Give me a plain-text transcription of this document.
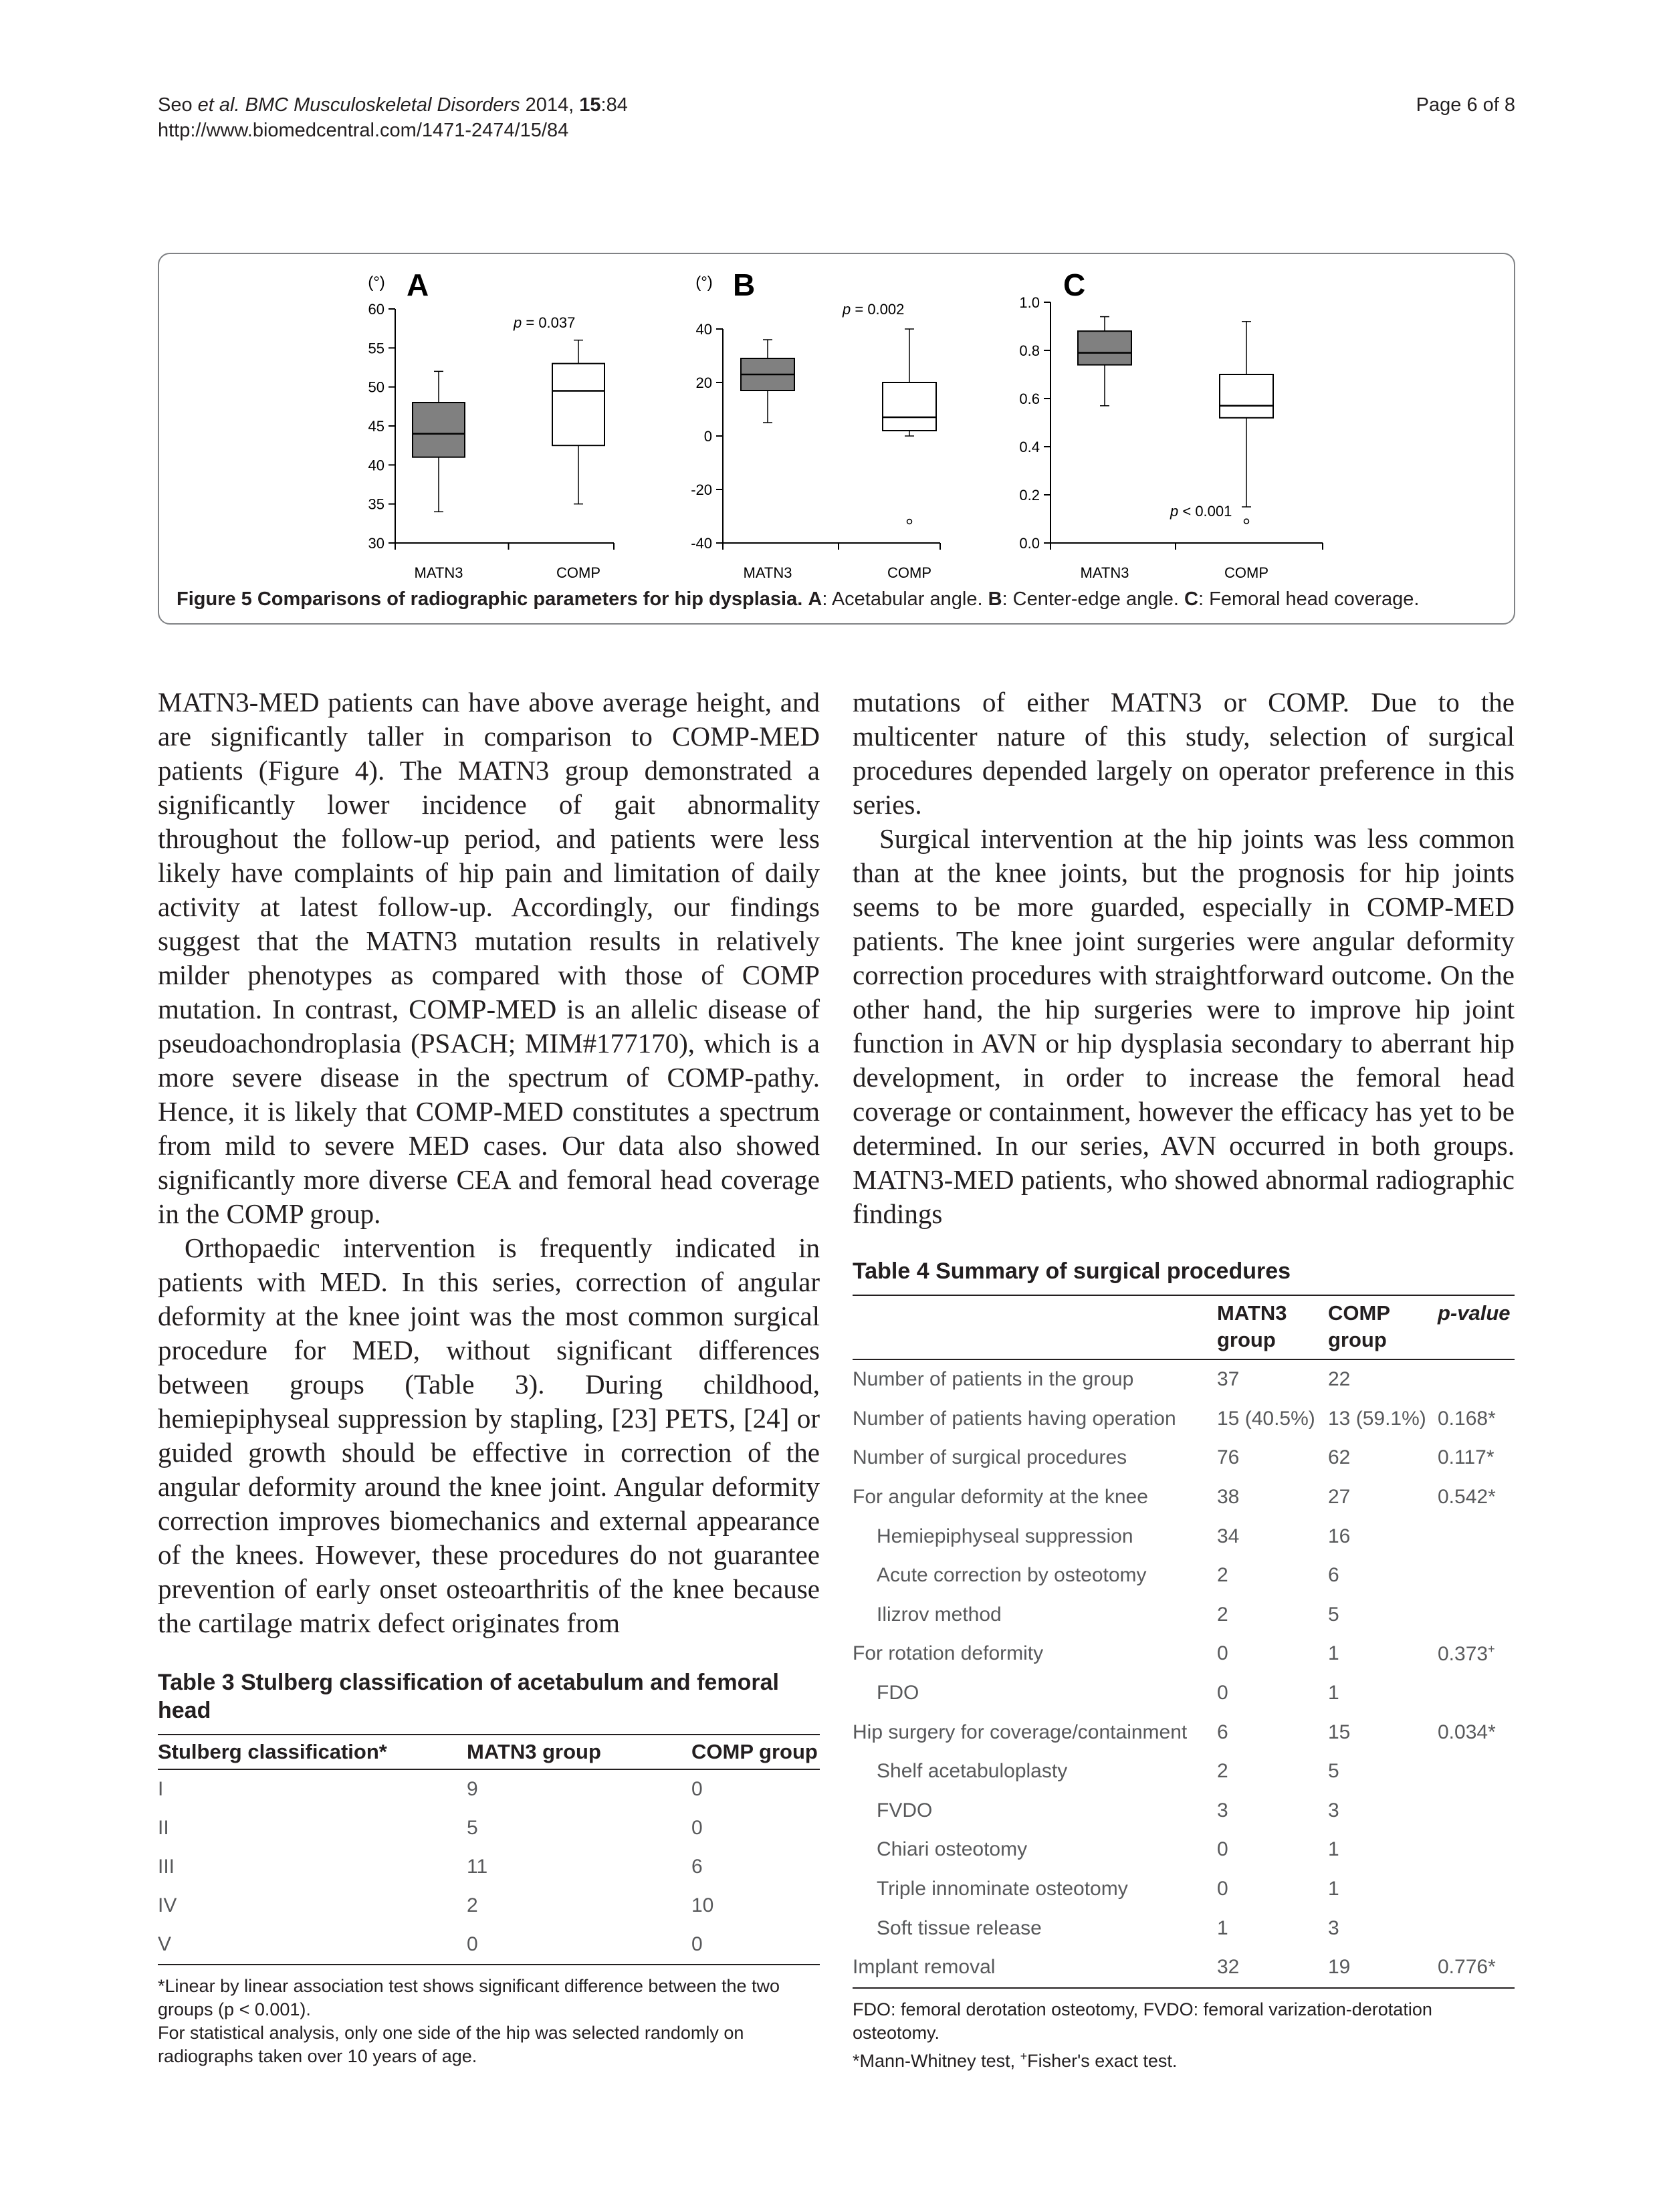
Seo et al. BMC Musculoskeletal Disorders 2014, 15:84
http://www.biomedcentral.com/1471-2474/15/84
Page 6 of 8
30
35
40
45
50
55
60
MATN3	COMP
(°) A
p = 0.037
-40
-20
0
20
40
MATN3	COMP
(°) B
p = 0.002
0.0
0.2
0.4
0.6
0.8
1.0
MATN3	COMP
C
p < 0.001
Figure 5 Comparisons of radiographic parameters for hip dysplasia. A: Acetabular angle. B: Center-edge angle. C: Femoral head coverage.

MATN3-MED patients can have above average height, and are significantly taller in comparison to COMP-MED patients (Figure 4). The MATN3 group demonstrated a significantly lower incidence of gait abnormality throughout the follow-up period, and patients were less likely have complaints of hip pain and limitation of daily activity at latest follow-up. Accordingly, our findings suggest that the MATN3 mutation results in relatively milder phenotypes as compared with those of COMP mutation. In contrast, COMP-MED is an allelic disease of pseudoachondroplasia (PSACH; MIM#177170), which is a more severe disease in the spectrum of COMP-pathy. Hence, it is likely that COMP-MED constitutes a spectrum from mild to severe MED cases. Our data also showed significantly more diverse CEA and femoral head coverage in the COMP group.

Orthopaedic intervention is frequently indicated in patients with MED. In this series, correction of angular deformity at the knee joint was the most common surgical procedure for MED, without significant differences between groups (Table 3). During childhood, hemiepiphyseal suppression by stapling, [23] PETS, [24] or guided growth should be effective in correction of the angular deformity around the knee joint. Angular deformity correction improves biomechanics and external appearance of the knees. However, these procedures do not guarantee prevention of early onset osteoarthritis of the knee because the cartilage matrix defect originates from

mutations of either MATN3 or COMP. Due to the multicenter nature of this study, selection of surgical procedures depended largely on operator preference in this series.

Surgical intervention at the hip joints was less common than at the knee joints, but the prognosis for hip joints seems to be more guarded, especially in COMP-MED patients. The knee joint surgeries were angular deformity correction procedures with straightforward outcome. On the other hand, the hip surgeries were to improve hip joint function in AVN or hip dysplasia secondary to aberrant hip development, in order to increase the femoral head coverage or containment, however the efficacy has yet to be determined. In our series, AVN occurred in both groups. MATN3-MED patients, who showed abnormal radiographic findings

Table 3 Stulberg classification of acetabulum and femoral head
Stulberg classification*	MATN3 group	COMP group
I	9	0
II	5	0
III	11	6
IV	2	10
V	0	0
*Linear by linear association test shows significant difference between the two groups (p < 0.001).
For statistical analysis, only one side of the hip was selected randomly on radiographs taken over 10 years of age.
Table 4 Summary of surgical procedures
	MATN3 group	COMP group	p-value
Number of patients in the group	37	22	
Number of patients having operation	15 (40.5%)	13 (59.1%)	0.168*
Number of surgical procedures	76	62	0.117*
For angular deformity at the knee	38	27	0.542*
Hemiepiphyseal suppression	34	16	
Acute correction by osteotomy	2	6	
Ilizrov method	2	5	
For rotation deformity	0	1	0.373+
FDO	0	1	
Hip surgery for coverage/containment	6	15	0.034*
Shelf acetabuloplasty	2	5	
FVDO	3	3	
Chiari osteotomy	0	1	
Triple innominate osteotomy	0	1	
Soft tissue release	1	3	
Implant removal	32	19	0.776*
FDO: femoral derotation osteotomy, FVDO: femoral varization-derotation osteotomy.
*Mann-Whitney test, +Fisher's exact test.
